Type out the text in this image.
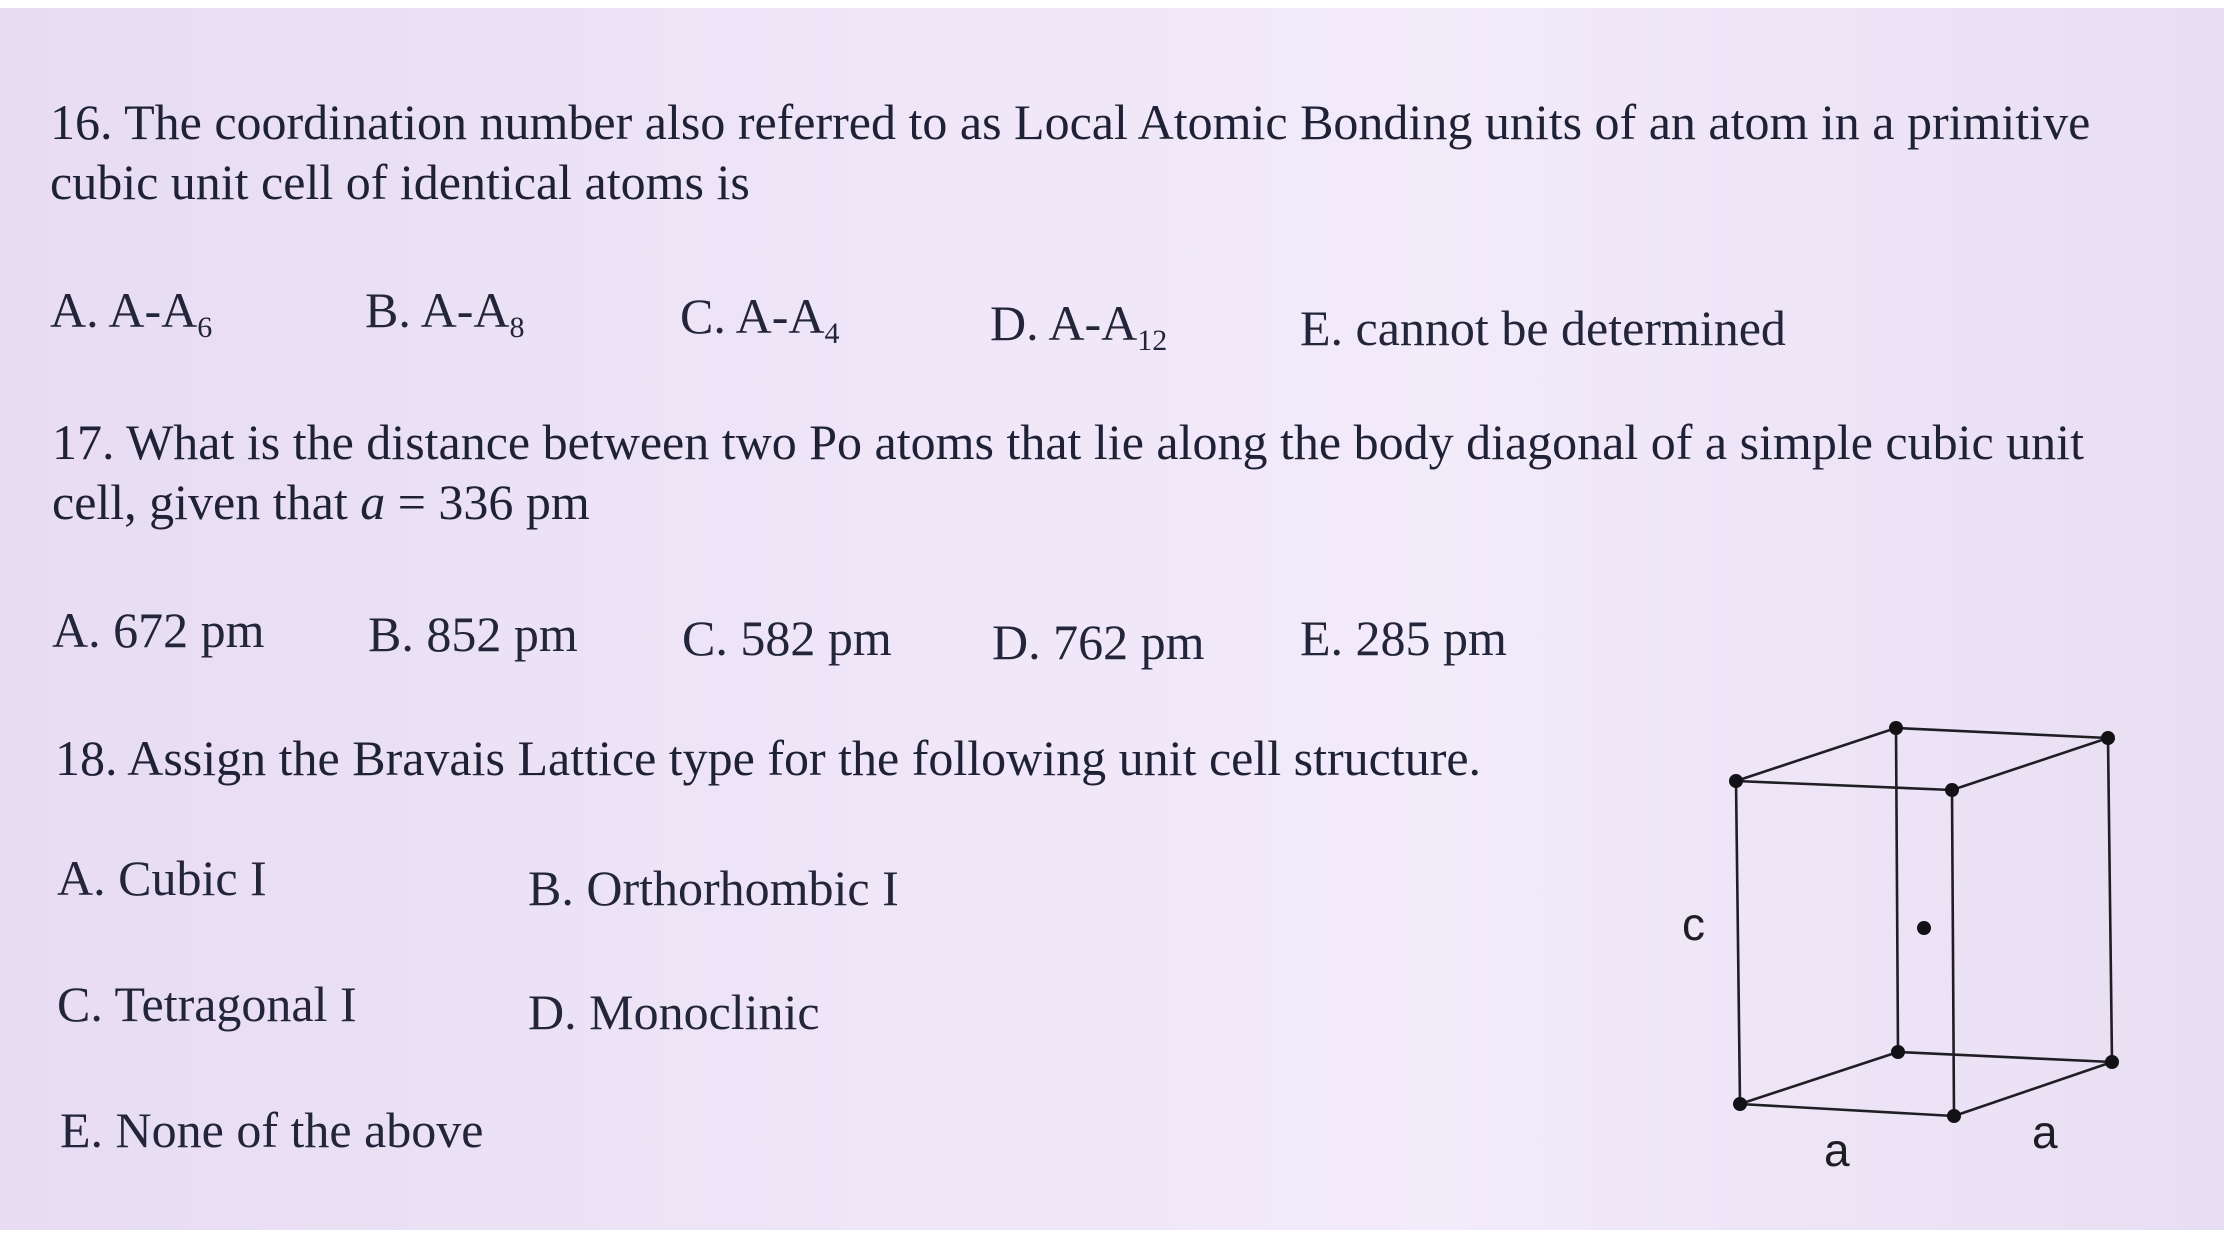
16. The coordination number also referred to as Local Atomic Bonding units of an atom in a primitive
cubic unit cell of identical atoms is
A. $A-A_6$	B. $A-A_8$	C. $A-A_4$	D. $A-A_{12}$	E. cannot be determined
17. What is the distance between two Po atoms that lie along the body diagonal of a simple cubic unit
cell, given that a = 336 pm
A. 672 pm B. 852 pm C. 582 pm D. 762 pm E. 285 pm
18. Assign the Bravais Lattice type for the following unit cell structure.
A. Cubic I	B. Orthorhombic I
C. Tetragonal I	D. Monoclinic
E. None of the above
c
a	a
